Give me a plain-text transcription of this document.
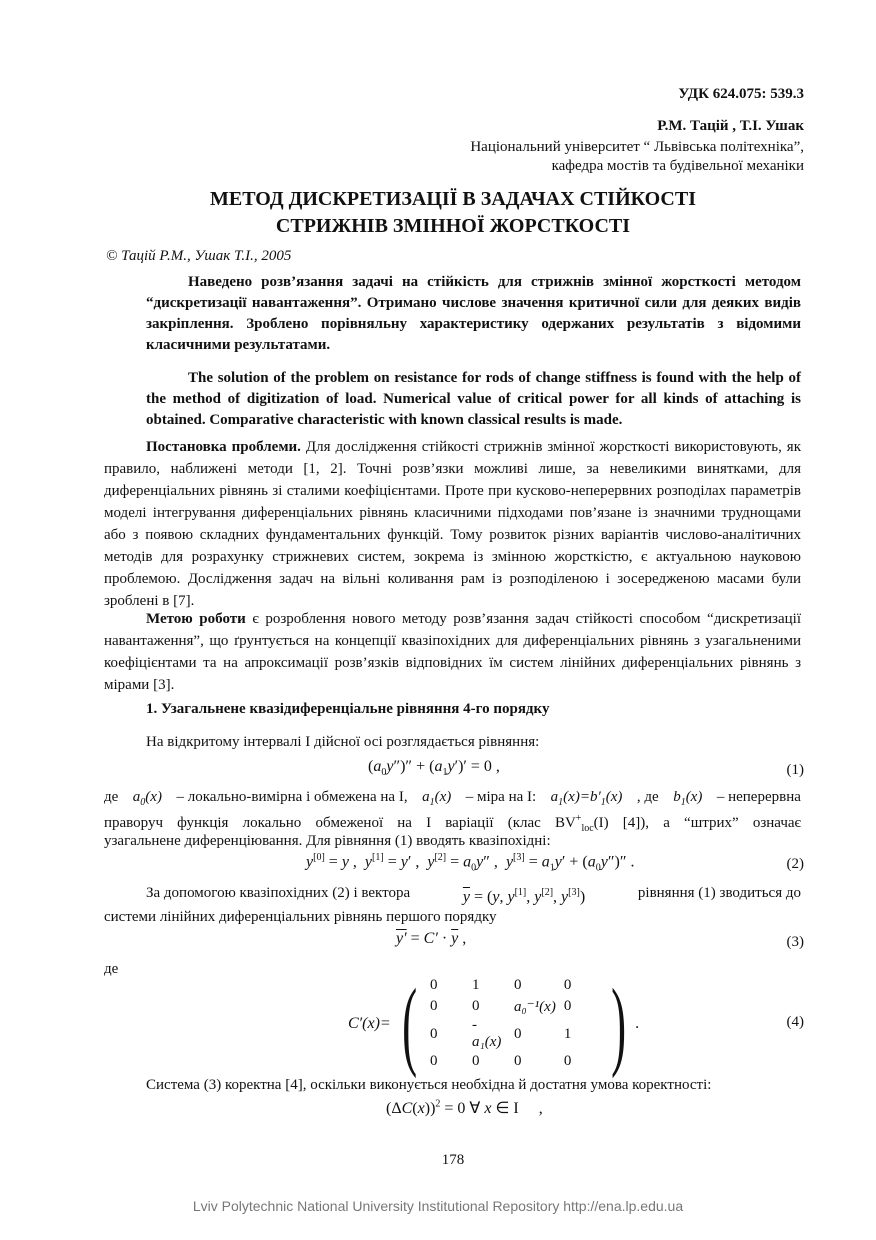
УДК 624.075: 539.3
Р.М. Тацій , Т.І. Ушак
Національний університет “ Львівська політехніка”,
кафедра мостів та будівельної механіки
МЕТОД ДИСКРЕТИЗАЦІЇ В ЗАДАЧАХ СТІЙКОСТІ
СТРИЖНІВ ЗМІННОЇ ЖОРСТКОСТІ
© Тацій Р.М., Ушак Т.І., 2005

Наведено розв’язання задачі на стійкість для стрижнів змінної жорсткості методом “дискретизації навантаження”. Отримано числове значення критичної сили для деяких видів закріплення. Зроблено порівняльну характеристику одержаних результатів з відомими класичними результатами.

The solution of the problem on resistance for rods of change stiffness is found with the help of the method of digitization of load. Numerical value of critical power for all kinds of attaching is obtained. Comparative characteristic with known classical results is made.

Постановка проблеми. Для дослідження стійкості стрижнів змінної жорсткості використовують, як правило, наближені методи [1, 2]. Точні розв’язки можливі лише, за невеликими винятками, для диференціальних рівнянь зі сталими коефіцієнтами. Проте при кусково-неперервних розподілах параметрів моделі інтегрування диференціальних рівнянь класичними підходами пов’язане із значними труднощами або з появою складних фундаментальних функцій. Тому розвиток різних варіантів числово-аналітичних методів для розрахунку стрижневих систем, зокрема із змінною жорсткістю, є актуальною науковою проблемою. Дослідження задач на вільні коливання рам із розподіленою і зосередженою масами були зроблені в [7].

Метою роботи є розроблення нового методу розв’язання задач стійкості способом “дискретизації навантаження”, що ґрунтується на концепції квазіпохідних для диференціальних рівнянь з узагальненими коефіцієнтами та на апроксимації розв’язків відповідних їм систем лінійних диференціальних рівнянь з мірами [3].

1. Узагальнене квазідиференціальне рівняння 4-го порядку
На відкритому інтервалі I дійсної осі розглядається рівняння:
$(a_0y'')'' + (a_1y')' = 0$ ,	(1)
де $a_0(x)$ – локально-вимірна і обмежена на I, $a_1(x)$ – міра на I: $a_1(x)=b'_1(x)$ , де $b_1(x)$ – неперервна
праворуч функція локально обмеженої на I варіації (клас $BV^+_{loc}(I)$ [4]), а “штрих” означає
узагальнене диференціювання. Для рівняння (1) вводять квазіпохідні:
y[0] = y ,  y[1] = y′ ,  $y[2] = a_0y''$ ,  $y[3] = a_1y' + (a_0y'')''$ .	(2)
За допомогою квазіпохідних (2) і вектора	$\overline{y} = (y$, y[1], y[2], y[3])	рівняння (1) зводиться до
системи лінійних диференціальних рівнянь першого порядку
$y' = C' \cdot \overline{y}$ ,	(3)
де
C′(x)= ( 0	1	0	0
0	0	a₀⁻¹(x)	0
0	-a₁(x)	0	1
0	0	0	0 ) .	(4)
Система (3) коректна [4], оскільки виконується необхідна й достатня умова коректності:
$(\Delta C(x))^2 = 0$ ∀ x ∈ I     ,
178
Lviv Polytechnic National University Institutional Repository http://ena.lp.edu.ua
